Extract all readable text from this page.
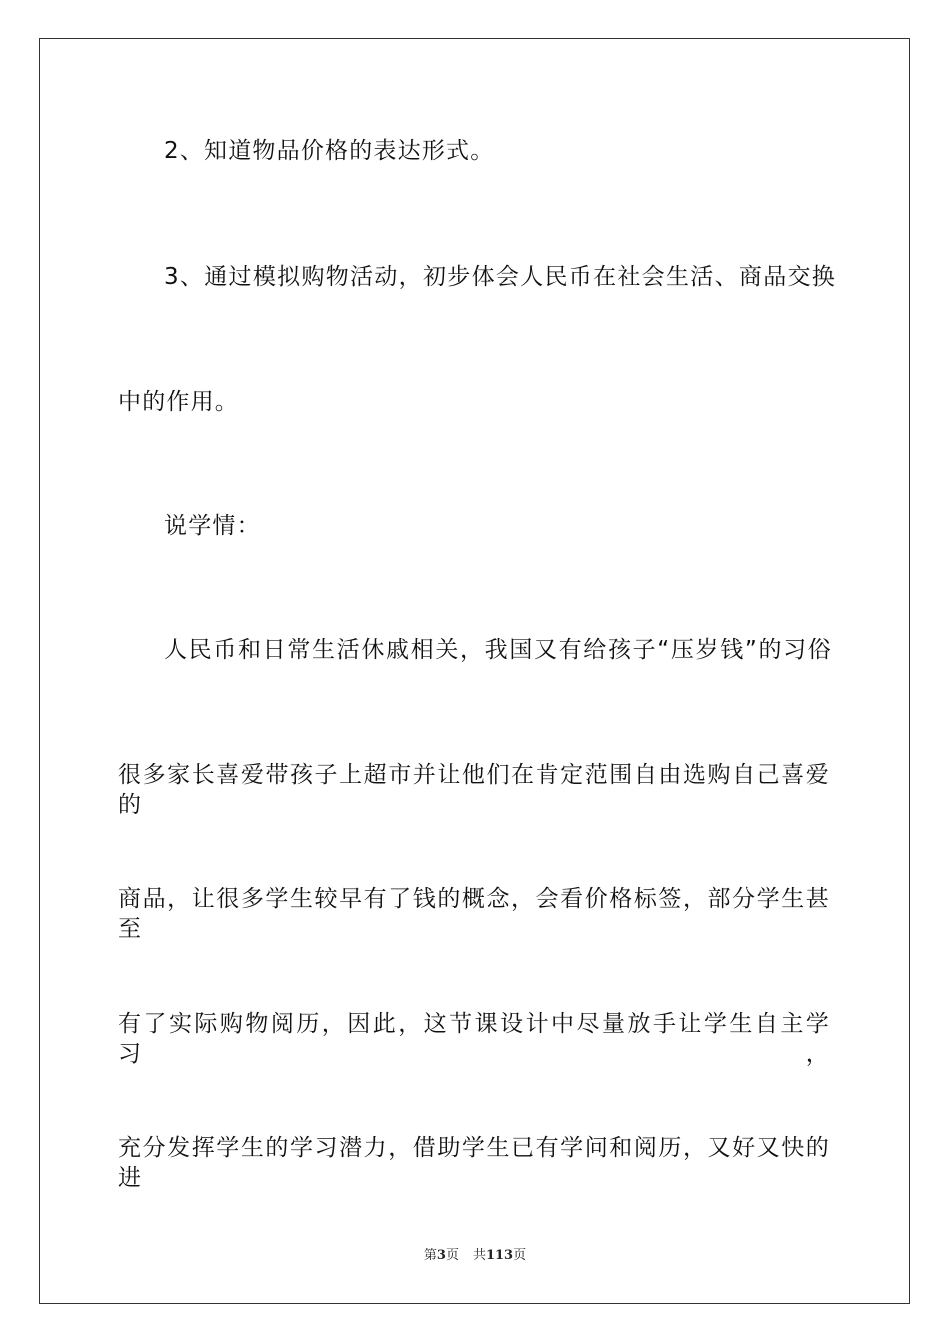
2、知道物品价格的表达形式。
3、通过模拟购物活动，初步体会人民币在社会生活、商品交换
中的作用。
说学情：
人民币和日常生活休戚相关，我国又有给孩子“压岁钱”的习俗
很多家长喜爱带孩子上超市并让他们在肯定范围自由选购自己喜爱的
商品，让很多学生较早有了钱的概念，会看价格标签，部分学生甚至
有了实际购物阅历，因此，这节课设计中尽量放手让学生自主学习，
充分发挥学生的学习潜力，借助学生已有学问和阅历，又好又快的进
第3页 共113页
